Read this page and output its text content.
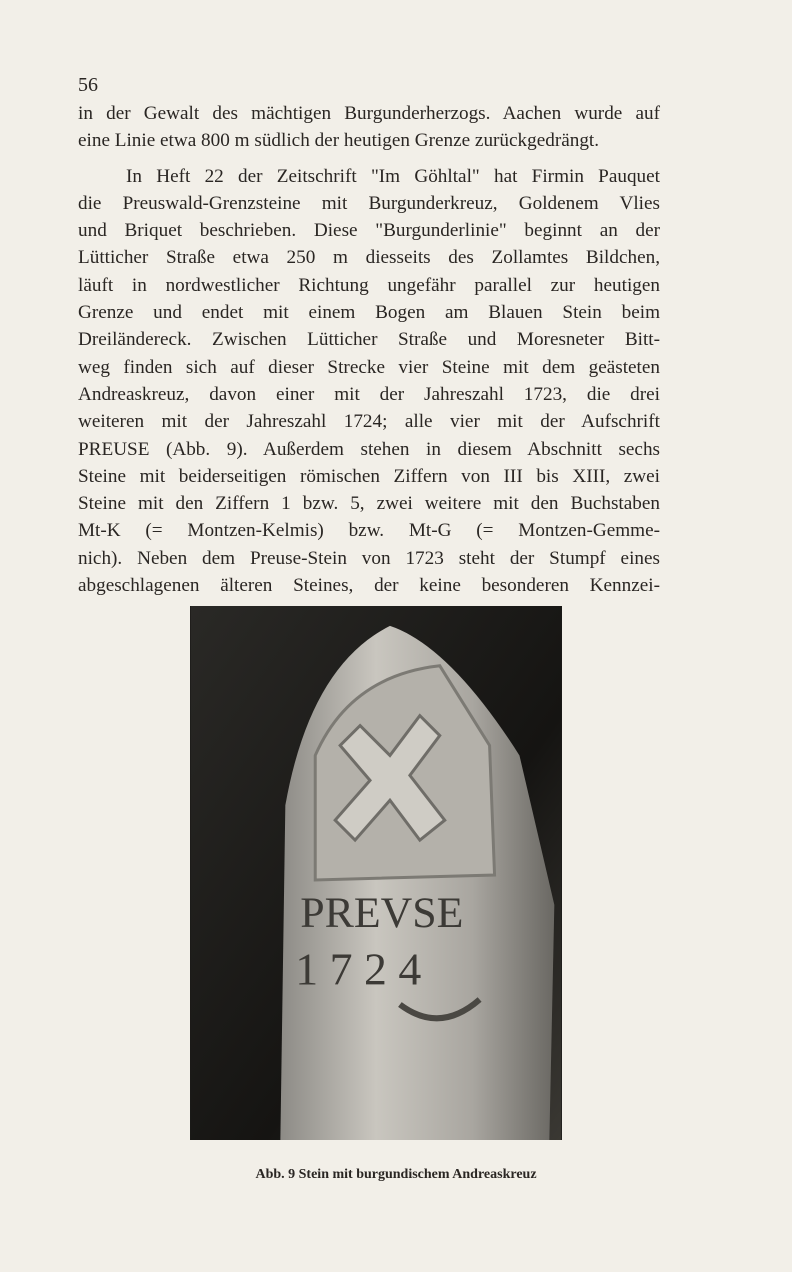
56
in der Gewalt des mächtigen Burgunderherzogs. Aachen wurde auf
eine Linie etwa 800 m südlich der heutigen Grenze zurückgedrängt.
In Heft 22 der Zeitschrift "Im Göhltal" hat Firmin Pauquet
die Preuswald-Grenzsteine mit Burgunderkreuz, Goldenem Vlies
und Briquet beschrieben. Diese "Burgunderlinie" beginnt an der
Lütticher Straße etwa 250 m diesseits des Zollamtes Bildchen,
läuft in nordwestlicher Richtung ungefähr parallel zur heutigen
Grenze und endet mit einem Bogen am Blauen Stein beim
Dreiländereck. Zwischen Lütticher Straße und Moresneter Bitt-
weg finden sich auf dieser Strecke vier Steine mit dem geästeten
Andreaskreuz, davon einer mit der Jahreszahl 1723, die drei
weiteren mit der Jahreszahl 1724; alle vier mit der Aufschrift
PREUSE (Abb. 9). Außerdem stehen in diesem Abschnitt sechs
Steine mit beiderseitigen römischen Ziffern von III bis XIII, zwei
Steine mit den Ziffern 1 bzw. 5, zwei weitere mit den Buchstaben
Mt-K (= Montzen-Kelmis) bzw. Mt-G (= Montzen-Gemme-
nich). Neben dem Preuse-Stein von 1723 steht der Stumpf eines
abgeschlagenen älteren Steines, der keine besonderen Kennzei-
PREVSE
1 7 2 4
Abb. 9 Stein mit burgundischem Andreaskreuz
